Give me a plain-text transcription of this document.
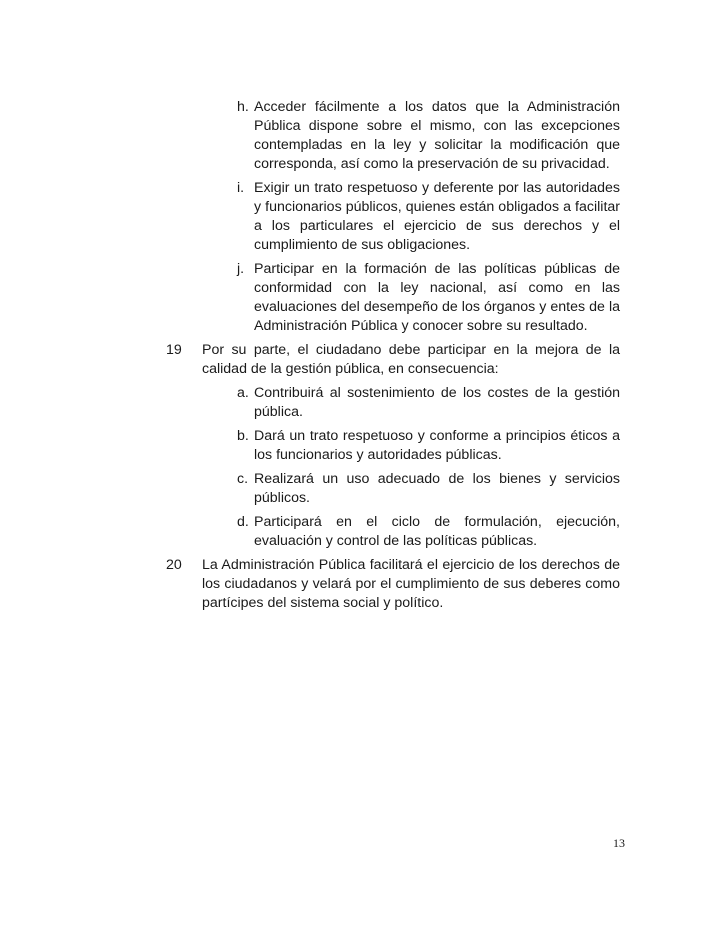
h. Acceder fácilmente a los datos que la Administración Pública dispone sobre el mismo, con las excepciones contempladas en la ley y solicitar la modificación que corresponda, así como la preservación de su privacidad.
i. Exigir un trato respetuoso y deferente por las autoridades y funcionarios públicos, quienes están obligados a facilitar a los particulares el ejercicio de sus derechos y el cumplimiento de sus obligaciones.
j. Participar en la formación de las políticas públicas de conformidad con la ley nacional, así como en las evaluaciones del desempeño de los órganos y entes de la Administración Pública y conocer sobre su resultado.
19	Por su parte, el ciudadano debe participar en la mejora de la calidad de la gestión pública, en consecuencia:
a. Contribuirá al sostenimiento de los costes de la gestión pública.
b. Dará un trato respetuoso y conforme a principios éticos a los funcionarios y autoridades públicas.
c. Realizará un uso adecuado de los bienes y servicios públicos.
d. Participará en el ciclo de formulación, ejecución, evaluación y control de las políticas públicas.
20	La Administración Pública facilitará el ejercicio de los derechos de los ciudadanos y velará por el cumplimiento de sus deberes como partícipes del sistema social y político.
13
